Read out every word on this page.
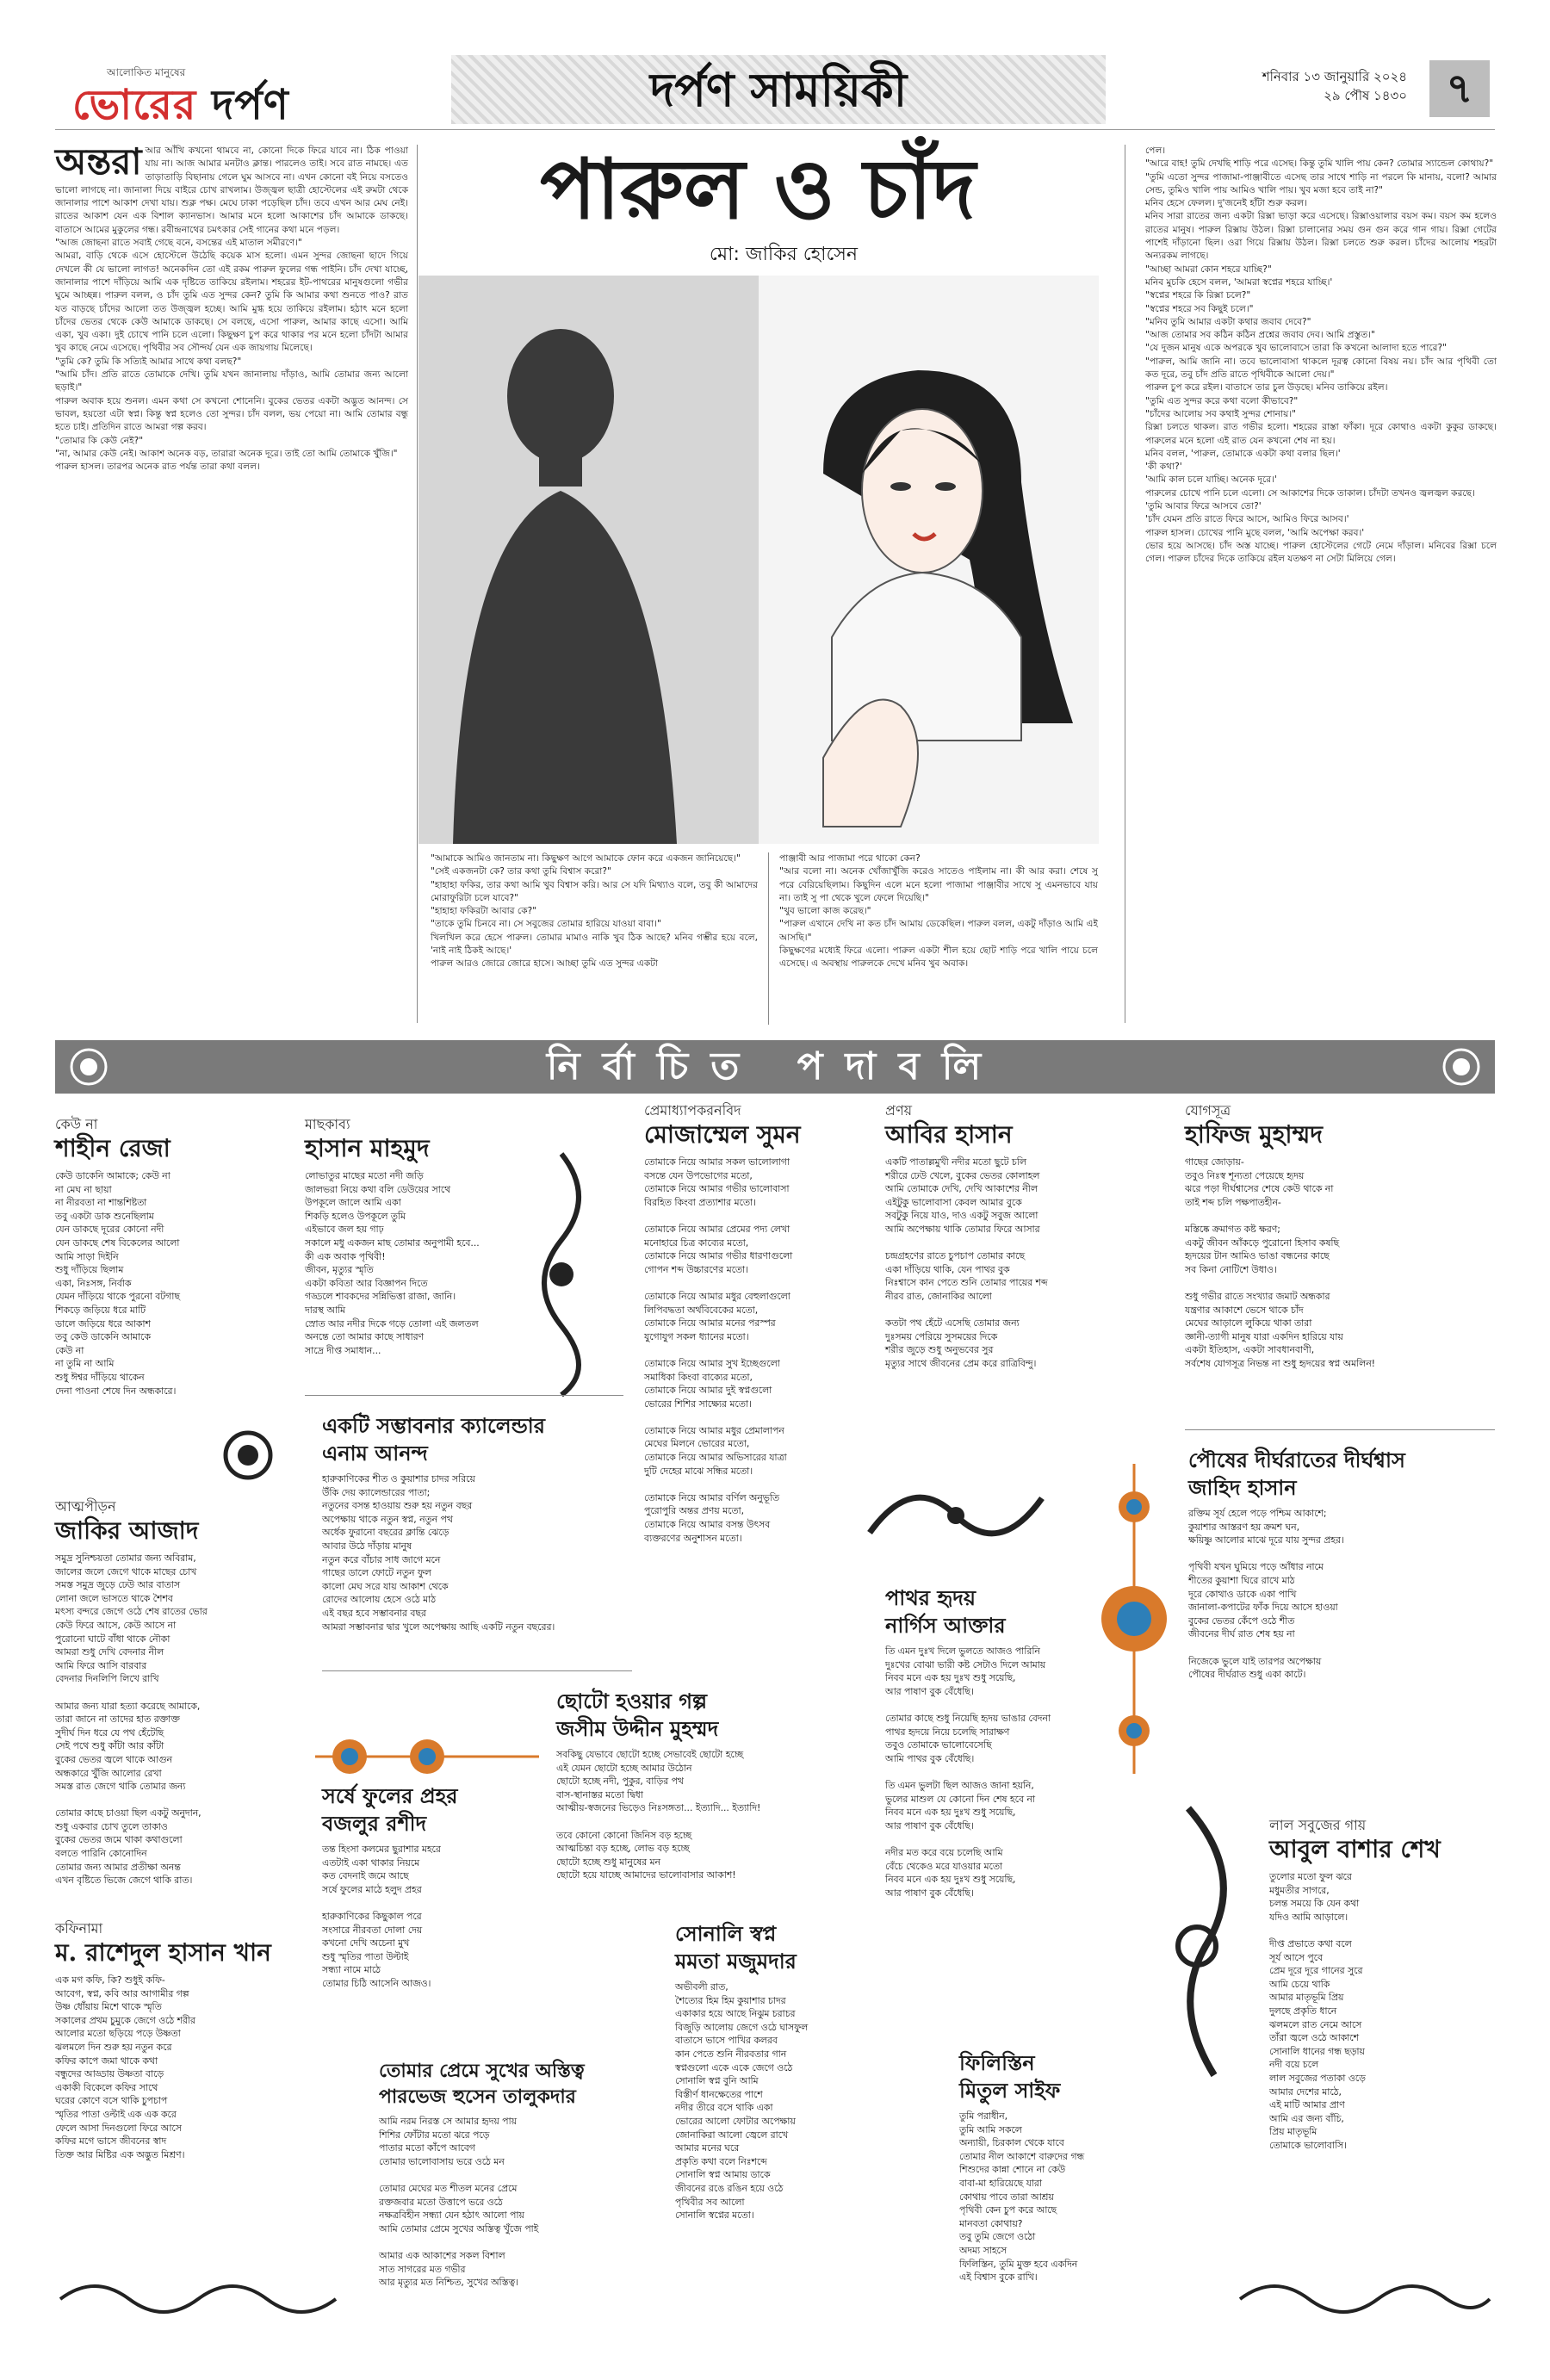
আলোকিত মানুষের
ভোরের দর্পণ	দর্পণ সাময়িকী	শনিবার ১৩ জানুয়ারি ২০২৪
২৯ পৌষ ১৪৩০ ৭
অন্তরা আর আঁখি কখনো থামবে না, কোনো দিকে ফিরে যাবে না। ঠিক পাওয়া যায় না। আজ আমার মনটাও ক্লান্ত। পারলেও তাই। সবে রাত নামছে। এত তাড়াতাড়ি বিছানায় গেলে ঘুম আসবে না। এখন কোনো বই নিয়ে বসতেও ভালো লাগছে না। জানালা দিয়ে বাইরে চোখ রাখলাম। উজ্জ্বল ছাত্রী হোস্টেলের এই রুমটা থেকে জানালার পাশে আকাশ দেখা যায়। শুক্ল পক্ষ। মেঘে ঢাকা পড়েছিল চাঁদ। তবে এখন আর মেঘ নেই। রাতের আকাশ যেন এক বিশাল ক্যানভাস। আমার মনে হলো আকাশের চাঁদ আমাকে ডাকছে। বাতাসে আমের মুকুলের গন্ধ। রবীন্দ্রনাথের চমৎকার সেই গানের কথা মনে পড়ল।
"আজ জোছনা রাতে সবাই গেছে বনে, বসন্তের এই মাতাল সমীরণে।"
আমরা, বাড়ি থেকে এসে হোস্টেলে উঠেছি কয়েক মাস হলো। এমন সুন্দর জোছনা ছাদে গিয়ে দেখলে কী যে ভালো লাগত! অনেকদিন তো এই রকম পারুল ফুলের গন্ধ পাইনি। চাঁদ দেখা যাচ্ছে, জানালার পাশে দাঁড়িয়ে আমি এক দৃষ্টিতে তাকিয়ে রইলাম। শহরের ইট-পাথরের মানুষগুলো গভীর ঘুমে আচ্ছন্ন। পারুল বলল, ও চাঁদ তুমি এত সুন্দর কেন? তুমি কি আমার কথা শুনতে পাও? রাত যত বাড়ছে চাঁদের আলো তত উজ্জ্বল হচ্ছে। আমি মুগ্ধ হয়ে তাকিয়ে রইলাম। হঠাৎ মনে হলো চাঁদের ভেতর থেকে কেউ আমাকে ডাকছে। সে বলছে, এসো পারুল, আমার কাছে এসো। আমি একা, খুব একা। দুই চোখে পানি চলে এলো। কিছুক্ষণ চুপ করে থাকার পর মনে হলো চাঁদটা আমার খুব কাছে নেমে এসেছে। পৃথিবীর সব সৌন্দর্য যেন এক জায়গায় মিলেছে।
"তুমি কে? তুমি কি সত্যিই আমার সাথে কথা বলছ?"
"আমি চাঁদ। প্রতি রাতে তোমাকে দেখি। তুমি যখন জানালায় দাঁড়াও, আমি তোমার জন্য আলো ছড়াই।"
পারুল অবাক হয়ে শুনল। এমন কথা সে কখনো শোনেনি। বুকের ভেতর একটা অদ্ভুত আনন্দ। সে ভাবল, হয়তো এটা স্বপ্ন। কিন্তু স্বপ্ন হলেও তো সুন্দর। চাঁদ বলল, ভয় পেয়ো না। আমি তোমার বন্ধু হতে চাই। প্রতিদিন রাতে আমরা গল্প করব।
"তোমার কি কেউ নেই?"
"না, আমার কেউ নেই। আকাশ অনেক বড়, তারারা অনেক দূরে। তাই তো আমি তোমাকে খুঁজি।"
পারুল হাসল। তারপর অনেক রাত পর্যন্ত তারা কথা বলল।
পারুল ও চাঁদ
মো: জাকির হোসেন
"আমাকে আমিও জানতাম না। কিছুক্ষণ আগে আমাকে ফোন করে একজন জানিয়েছে।"
"সেই একজনটা কে? তার কথা তুমি বিশ্বাস করো?"
"হাহাহা ফকির, তার কথা আমি খুব বিশ্বাস করি। আর সে যদি মিথ্যাও বলে, তবু কী আমাদের মোরাফুরিটা চলে যাবে?"
"হাহাহা ফকিরটা আবার কে?"
"তাকে তুমি চিনবে না। সে সবুজের তোমার হারিয়ে যাওয়া বাবা।"
খিলখিল করে হেসে পারুল। তোমার মামাও নাকি খুব ঠিক আছে? মনিব গম্ভীর হয়ে বলে, 'নাই নাই ঠিকই আছে।'
পারুল আরও জোরে জোরে হাসে। আচ্ছা তুমি এত সুন্দর একটা
পাঞ্জাবী আর পাজামা পরে থাকো কেন?
"আর বলো না। অনেক খোঁজাখুঁজি করেও সাতেও পাইলাম না। কী আর করা। শেষে সু পরে বেরিয়েছিলাম। কিছুদিন এলে মনে হলো পাজামা পাঞ্জাবীর সাথে সু এমনভাবে যায় না। তাই সু পা থেকে খুলে ফেলে দিয়েছি।"
"খুব ভালো কাজ করেছ।"
"পারুল এখানে দেখি না কত চাঁদ আমায় ডেকেছিল। পারুল বলল, একটু দাঁড়াও আমি এই আসছি।"
কিছুক্ষণের মধ্যেই ফিরে এলো। পারুল একটা শীল হয়ে ছোট শাড়ি পরে খালি পায়ে চলে এসেছে। এ অবস্থায় পারুলকে দেখে মনিব খুব অবাক।
পেল।
"আরে বাহ! তুমি দেখছি শাড়ি পরে এসেছ। কিন্তু তুমি খালি পায় কেন? তোমার স্যান্ডেল কোথায়?"
"তুমি এতো সুন্দর পাজামা-পাঞ্জাবীতে এসেছ তার সাথে শাড়ি না পরলে কি মানায়, বলো? আমার সেন্ড, তুমিও খালি পায় আমিও খালি পায়। খুব মজা হবে তাই না?"
মনিব হেসে ফেলল। দু'জনেই হাঁটা শুরু করল।
মনিব সারা রাতের জন্য একটা রিক্সা ভাড়া করে এসেছে। রিক্সাওয়ালার বয়স কম। বয়স কম হলেও রাতের মানুষ। পারুল রিক্সায় উঠল। রিক্সা চালানোর সময় গুন গুন করে গান গায়। রিক্সা গেটের পাশেই দাঁড়ানো ছিল। ওরা গিয়ে রিক্সায় উঠল। রিক্সা চলতে শুরু করল। চাঁদের আলোয় শহরটা অন্যরকম লাগছে।
"আচ্ছা আমরা কোন শহরে যাচ্ছি?"
মনিব মুচকি হেসে বলল, 'আমরা স্বপ্নের শহরে যাচ্ছি।'
"স্বপ্নের শহরে কি রিক্সা চলে?"
"স্বপ্নের শহরে সব কিছুই চলে।"
"মনিব তুমি আমার একটা কথার জবাব দেবে?"
"আজ তোমার সব কঠিন কঠিন প্রশ্নের জবাব দেব। আমি প্রস্তুত।"
"যে দুজন মানুষ একে অপরকে খুব ভালোবাসে তারা কি কখনো আলাদা হতে পারে?"
"পারুল, আমি জানি না। তবে ভালোবাসা থাকলে দূরত্ব কোনো বিষয় নয়। চাঁদ আর পৃথিবী তো কত দূরে, তবু চাঁদ প্রতি রাতে পৃথিবীকে আলো দেয়।"
পারুল চুপ করে রইল। বাতাসে তার চুল উড়ছে। মনিব তাকিয়ে রইল।
"তুমি এত সুন্দর করে কথা বলো কীভাবে?"
"চাঁদের আলোয় সব কথাই সুন্দর শোনায়।"
রিক্সা চলতে থাকল। রাত গভীর হলো। শহরের রাস্তা ফাঁকা। দূরে কোথাও একটা কুকুর ডাকছে। পারুলের মনে হলো এই রাত যেন কখনো শেষ না হয়।
মনিব বলল, 'পারুল, তোমাকে একটা কথা বলার ছিল।'
'কী কথা?'
'আমি কাল চলে যাচ্ছি। অনেক দূরে।'
পারুলের চোখে পানি চলে এলো। সে আকাশের দিকে তাকাল। চাঁদটা তখনও জ্বলজ্বল করছে।
'তুমি আবার ফিরে আসবে তো?'
'চাঁদ যেমন প্রতি রাতে ফিরে আসে, আমিও ফিরে আসব।'
পারুল হাসল। চোখের পানি মুছে বলল, 'আমি অপেক্ষা করব।'
ভোর হয়ে আসছে। চাঁদ অস্ত যাচ্ছে। পারুল হোস্টেলের গেটে নেমে দাঁড়াল। মনিবের রিক্সা চলে গেল। পারুল চাঁদের দিকে তাকিয়ে রইল যতক্ষণ না সেটা মিলিয়ে গেল।
নির্বাচিত পদাবলি
কেউ না
শাহীন রেজা
কেউ ডাকেনি আমাকে; কেউ না
না মেঘ না ছায়া
না নীরবতা না শান্তশিষ্টতা
তবু একটা ডাক শুনেছিলাম
যেন ডাকছে দূরের কোনো নদী
যেন ডাকছে শেষ বিকেলের আলো
আমি সাড়া দিইনি
শুধু দাঁড়িয়ে ছিলাম
একা, নিঃসঙ্গ, নির্বাক
যেমন দাঁড়িয়ে থাকে পুরনো বটগাছ
শিকড়ে জড়িয়ে ধরে মাটি
ডালে জড়িয়ে ধরে আকাশ
তবু কেউ ডাকেনি আমাকে
কেউ না
না তুমি না আমি
শুধু ঈশ্বর দাঁড়িয়ে থাকেন
দেনা পাওনা শেষে দিন অন্ধকারে।
মাছকাব্য
হাসান মাহমুদ
লোভাতুর মাছের মতো নদী জড়ি
জালভরা নিয়ে কথা বলি ডেউয়ের সাথে
উপকূলে জালে আমি একা
শিকড়ি হলেও উপকূলে তুমি
এইভাবে জল হয় গাঢ়
সকালে মধু একজন মাছ তোমার অনুপামী হবে...
কী এক অবাক পৃথিবী!
জীবন, মৃত্যুর স্মৃতি
একটা কবিতা আর বিজ্ঞাপন দিতে
গড্ডলে শাবকদের সন্নিভিত্তা রাজা, জানি।
দারস্থ আমি
স্রোত আর নদীর দিকে গড়ে তোলা এই জলতল
অনন্তে তো আমার কাছে সাধারণ
সাদ্রে দীপ্ত সমাধান...
প্রেমাধ্যাপকরনবিদ
মোজাম্মেল সুমন
তোমাকে নিয়ে আমার সকল ভালোলাগা
বসন্তে যেন উপভোগের মতো,
তোমাকে নিয়ে আমার গভীর ভালোবাসা
বিরহিত কিংবা প্রত্যাশার মতো।

তোমাকে নিয়ে আমার প্রেমের পদ্য লেখা
মনোহারে চিত্র কাব্যের মতো,
তোমাকে নিয়ে আমার গভীর ধারণাগুলো
গোপন শব্দ উচ্চারণের মতো।

তোমাকে নিয়ে আমার মধুর বেহুলাগুলো
লিপিবদ্ধতা অর্থবিবেকের মতো,
তোমাকে নিয়ে আমার মনের পরস্পর
যুগোযুগ সকল ধ্যানের মতো।

তোমাকে নিয়ে আমার সুখ ইচ্ছেগুলো
সমাধিকা কিংবা বাক্যের মতো,
তোমাকে নিয়ে আমার দুই স্বপ্নগুলো
ভোরের শিশির সাক্ষ্যের মতো।

তোমাকে নিয়ে আমার মধুর প্রেমালাপন
মেঘের মিলনে ভোরের মতো,
তোমাকে নিয়ে আমার অভিসারের যাত্রা
দুটি দেহের মাঝে সন্ধির মতো।

তোমাকে নিয়ে আমার বর্ণিল অনুভূতি
পুরোপুরি অন্তর প্রণয় মতো,
তোমাকে নিয়ে আমার বসন্ত উৎসব
ব্যক্তরণের অনুশাসন মতো।
প্রণয়
আবির হাসান
একটি পাতাল্লমুখী নদীর মতো ছুটে চলি
শরীরে ঢেউ খেলে, বুকের ভেতর কোলাহল
আমি তোমাকে দেখি, দেখি আকাশের নীল
এইটুকু ভালোবাসা কেবল আমার বুকে
সবটুকু নিয়ে যাও, দাও একটু সবুজ আলো
আমি অপেক্ষায় থাকি তোমার ফিরে আসার

চন্দ্রগ্রহণের রাতে চুপচাপ তোমার কাছে
একা দাঁড়িয়ে থাকি, যেন পাথর বুক
নিঃশ্বাসে কান পেতে শুনি তোমার পায়ের শব্দ
নীরব রাত, জোনাকির আলো

কতটা পথ হেঁটে এসেছি তোমার জন্য
দুঃসময় পেরিয়ে সুসময়ের দিকে
শরীর জুড়ে শুধু অনুভবের সুর
মৃত্যুর সাথে জীবনের প্রেম করে রাত্রিবিন্দু।
যোগসূত্র
হাফিজ মুহাম্মদ
গাছের জোড়ায়-
তবুও নিঃস্ব শূন্যতা পেয়েছে হৃদয়
ঝরে পড়া দীর্ঘশ্বাসের শেষে কেউ থাকে না
তাই শব্দ চলি পক্ষপাতহীন-

মস্তিষ্কে ক্রমাগত কষ্ট ক্ষরণ;
একটু জীবন আঁকড়ে পুরোনো হিসাব কষছি
হৃদয়ের টান আমিও ভাঙা বন্ধনের কাছে
সব কিনা নোটিশে উধাও।

শুধু গভীর রাতে সংখ্যার জমাট অন্ধকার
যন্ত্রণার আকাশে ভেসে থাকে চাঁদ
মেঘের আড়ালে লুকিয়ে থাকা তারা
জ্ঞানী-ত্যাগী মানুষ যারা একদিন হারিয়ে যায়
একটা ইতিহাস, একটা সাবধানবাণী,
সর্বশেষ যোগসূত্র নিভন্ত না শুধু হৃদয়ের স্বপ্ন অমলিন!
আত্মপীড়ন
জাকির আজাদ
সমুদ্র সুনিশ্চয়তা তোমার জন্য অবিরাম,
জালের জলে জেগে থাকে মাছের চোখ
সমস্ত সমুদ্র জুড়ে ঢেউ আর বাতাস
লোনা জলে ভাসতে থাকে শৈশব
মৎস্য বন্দরে জেগে ওঠে শেষ রাতের ভোর
কেউ ফিরে আসে, কেউ আসে না
পুরোনো ঘাটে বাঁধা থাকে নৌকা
আমরা শুধু দেখি বেদনার নীল
আমি ফিরে আসি বারবার
বেদনার দিনলিপি লিখে রাখি

আমার জন্য যারা হত্যা করেছে আমাকে,
তারা জানে না তাদের হাত রক্তাক্ত
সুদীর্ঘ দিন ধরে যে পথ হেঁটেছি
সেই পথে শুধু কাঁটা আর কাঁটা
বুকের ভেতর জ্বলে থাকে আগুন
অন্ধকারে খুঁজি আলোর রেখা
সমস্ত রাত জেগে থাকি তোমার জন্য

তোমার কাছে চাওয়া ছিল একটু অনুদান,
শুধু একবার চোখ তুলে তাকাও
বুকের ভেতর জমে থাকা কথাগুলো
বলতে পারিনি কোনোদিন
তোমার জন্য আমার প্রতীক্ষা অনন্ত
এখন বৃষ্টিতে ভিজে জেগে থাকি রাত।
একটি সম্ভাবনার ক্যালেন্ডার
এনাম আনন্দ
হারুকাণিকের শীত ও কুয়াশার চাদর সরিয়ে
উঁকি দেয় ক্যালেন্ডারের পাতা;
নতুনের বসন্ত হাওয়ায় শুরু হয় নতুন বছর
অপেক্ষায় থাকে নতুন স্বপ্ন, নতুন পথ
অর্ধেক ফুরানো বছরের ক্লান্তি ঝেড়ে
আবার উঠে দাঁড়ায় মানুষ
নতুন করে বাঁচার সাধ জাগে মনে
গাছের ডালে ফোটে নতুন ফুল
কালো মেঘ সরে যায় আকাশ থেকে
রোদের আলোয় হেসে ওঠে মাঠ
এই বছর হবে সম্ভাবনার বছর
আমরা সম্ভাবনার দ্বার খুলে অপেক্ষায় আছি একটি নতুন বছরের।
ছোটো হওয়ার গল্প
জসীম উদ্দীন মুহম্মদ
সবকিছু যেভাবে ছোটো হচ্ছে সেভাবেই ছোটো হচ্ছে
এই যেমন ছোটো হচ্ছে আমার উঠোন
ছোটো হচ্ছে নদী, পুকুর, বাড়ির পথ
বাস-স্থানাস্তর মতো দ্বিধা
আত্মীয়-স্বজনের ভিড়েও নিঃসঙ্গতা... ইত্যাদি... ইত্যাদি!

তবে কোনো কোনো জিনিস বড় হচ্ছে
আত্মচিন্তা বড় হচ্ছে, লোভ বড় হচ্ছে
ছোটো হচ্ছে শুধু মানুষের মন
ছোটো হয়ে যাচ্ছে আমাদের ভালোবাসার আকাশ!
সর্ষে ফুলের প্রহর
বজলুর রশীদ
তন্ত হিংসা কলমের ছুরাশার মহরে
এতটাই একা থাকার নিয়মে
কত বেদনাই জমে আছে
সর্ষে ফুলের মাঠে হলুদ প্রহর

হারুকাণিকের কিছুকাল পরে
সংসারে নীরবতা দোলা দেয়
কখনো দেখি অচেনা মুখ
শুধু স্মৃতির পাতা উল্টাই
সন্ধ্যা নামে মাঠে
তোমার চিঠি আসেনি আজও।
পাথর হৃদয়
নার্গিস আক্তার
তি এমন দুঃখ দিলে ভুলতে আজও পারিনি
দুঃখের বোঝা ভারী কষ্ট সেটাও দিলে আমায়
নিবব মনে এক হয় দুঃখ শুধু সয়েছি,
আর পাষাণ বুক বেঁধেছি।

তোমার কাছে শুধু নিয়েছি হৃদয় ভাঙার বেদনা
পাথর হৃদয়ে নিয়ে চলেছি সারাক্ষণ
তবুও তোমাকে ভালোবেসেছি
আমি পাথর বুক বেঁধেছি।

তি এমন ভুলটা ছিল আজও জানা হয়নি,
ভুলের মাশুল যে কোনো দিন শেষ হবে না
নিবব মনে এক হয় দুঃখ শুধু সয়েছি,
আর পাষাণ বুক বেঁধেছি।

নদীর মত করে বয়ে চলেছি আমি
বেঁচে থেকেও মরে যাওয়ার মতো
নিবব মনে এক হয় দুঃখ শুধু সয়েছি,
আর পাষাণ বুক বেঁধেছি।
পৌষের দীর্ঘরাতের দীর্ঘশ্বাস
জাহিদ হাসান
রক্তিম সূর্য হেলে পড়ে পশ্চিম আকাশে;
কুয়াশার আস্তরণ হয় ক্রমশ ঘন,
ক্ষয়িষ্ণু আলোর মাঝে দূরে যায় সুন্দর প্রহর।

পৃথিবী যখন ঘুমিয়ে পড়ে আঁধার নামে
শীতের কুয়াশা ঘিরে রাখে মাঠ
দূরে কোথাও ডাকে একা পাখি
জানালা-কপাটের ফাঁক দিয়ে আসে হাওয়া
বুকের ভেতর কেঁপে ওঠে শীত
জীবনের দীর্ঘ রাত শেষ হয় না

নিজেকে ভুলে যাই তারপর অপেক্ষায়
পৌষের দীর্ঘরাত শুধু একা কাটে।
লাল সবুজের গায়
আবুল বাশার শেখ
তুলোর মতো ফুল ঝরে
মধুমতীর সাগরে,
চলন্ত সময়ে কি যেন কথা
যদিও আমি আড়ালে।

দীপ্ত প্রভাতে কথা বলে
সূর্য আসে পুবে
প্রেম দূরে দূরে গানের সুরে
আমি চেয়ে থাকি
আমার মাতৃভূমি প্রিয়
দুলছে প্রকৃতি ধানে
ঝলমলে রাত নেমে আসে
তাঁরা জ্বলে ওঠে আকাশে
সোনালি ধানের গন্ধ ছড়ায়
নদী বয়ে চলে
লাল সবুজের পতাকা ওড়ে
আমার দেশের মাঠে,
এই মাটি আমার প্রাণ
আমি এর জন্য বাঁচি,
প্রিয় মাতৃভূমি
তোমাকে ভালোবাসি।
কফিনামা
ম. রাশেদুল হাসান খান
এক মগ কফি, কি? শুধুই কফি-
আবেগ, স্বপ্ন, কবি আর আগামীর গল্প
উষ্ণ ধোঁয়ায় মিশে থাকে স্মৃতি
সকালের প্রথম চুমুকে জেগে ওঠে শরীর
আলোর মতো ছড়িয়ে পড়ে উষ্ণতা
ঝলমলে দিন শুরু হয় নতুন করে
কফির কাপে জমা থাকে কথা
বন্ধুদের আড্ডায় উষ্ণতা বাড়ে
একাকী বিকেলে কফির সাথে
ঘরের কোণে বসে থাকি চুপচাপ
স্মৃতির পাতা ওল্টাই এক এক করে
ফেলে আসা দিনগুলো ফিরে আসে
কফির মগে ভাসে জীবনের স্বাদ
তিক্ত আর মিষ্টির এক অদ্ভুত মিশ্রণ।
তোমার প্রেমে সুখের অস্তিত্ব
পারভেজ হুসেন তালুকদার
আমি নরম নিরস্ত সে আমার হৃদয় পায়
শিশির ফোঁটার মতো ঝরে পড়ে
পাতার মতো কাঁপে আবেগ
তোমার ভালোবাসায় ভরে ওঠে মন

তোমার মেঘের মত শীতল মনের প্রেমে
রক্তজবার মতো উত্তাপে ভরে ওঠে
নক্ষত্রবিহীন সন্ধ্যা যেন হঠাৎ আলো পায়
আমি তোমার প্রেমে সুখের অস্তিত্ব খুঁজে পাই

আমার এক আকাশের সকল বিশাল
সাত সাগরের মত গভীর
আর মৃত্যুর মত নিশ্চিত, সুখের অস্তিত্ব।
সোনালি স্বপ্ন
মমতা মজুমদার
অভীবলী রাত,
শৈত্যের হিম হিম কুয়াশার চাদর
একাকার হয়ে আছে নিঝুম চরাচর
বিজুড়ি আলোয় জেগে ওঠে ঘাসফুল
বাতাসে ভাসে পাখির কলরব
কান পেতে শুনি নীরবতার গান
স্বপ্নগুলো একে একে জেগে ওঠে
সোনালি স্বপ্ন বুনি আমি
বিস্তীর্ণ ধানক্ষেতের পাশে
নদীর তীরে বসে থাকি একা
ভোরের আলো ফোটার অপেক্ষায়
জোনাকিরা আলো জ্বেলে রাখে
আমার মনের ঘরে
প্রকৃতি কথা বলে নিঃশব্দে
সোনালি স্বপ্ন আমায় ডাকে
জীবনের রঙে রঙিন হয়ে ওঠে
পৃথিবীর সব আলো
সোনালি স্বপ্নের মতো।
ফিলিস্তিন
মিতুল সাইফ
তুমি পরাধীন,
তুমি আমি সকলে
অন্যায়ী, চিরকাল থেকে যাবে
তোমার নীল আকাশে বারুদের গন্ধ
শিশুদের কান্না শোনে না কেউ
বাবা-মা হারিয়েছে যারা
কোথায় পাবে তারা আশ্রয়
পৃথিবী কেন চুপ করে আছে
মানবতা কোথায়?
তবু তুমি জেগে ওঠো
অদম্য সাহসে
ফিলিস্তিন, তুমি মুক্ত হবে একদিন
এই বিশ্বাস বুকে রাখি।
